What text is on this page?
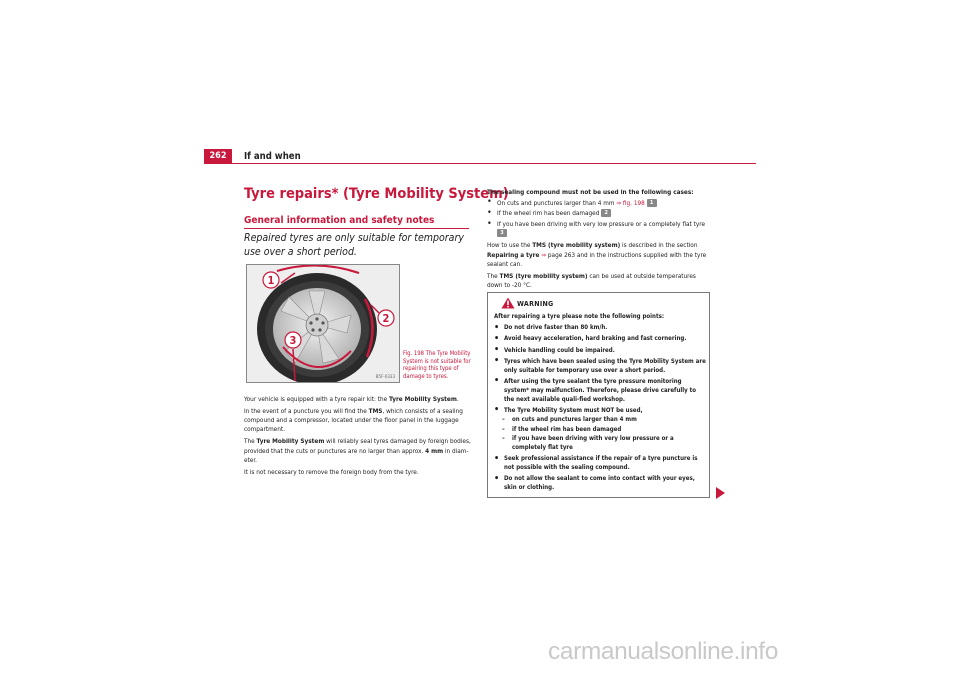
262	If and when
Tyre repairs* (Tyre Mobility System)
General information and safety notes
Repaired tyres are only suitable for temporary use over a short period.
1
2
3
B5F-0333
Fig. 198 The Tyre Mobility System is not suitable for repairing this type of damage to tyres.

Your vehicle is equipped with a tyre repair kit: the Tyre Mobility System.

In the event of a puncture you will find the TMS, which consists of a sealing compound and a compressor, located under the floor panel in the luggage compartment.

The Tyre Mobility System will reliably seal tyres damaged by foreign bodies, provided that the cuts or punctures are no larger than approx. 4 mm in diam-eter.

It is not necessary to remove the foreign body from the tyre.

The sealing compound must not be used in the following cases:

• On cuts and punctures larger than 4 mm ⇒ fig. 198 1

• If the wheel rim has been damaged 2

• If you have been driving with very low pressure or a completely flat tyre 3

How to use the TMS (tyre mobility system) is described in the section Repairing a tyre ⇒ page 263 and in the instructions supplied with the tyre sealant can.

The TMS (tyre mobility system) can be used at outside temperatures down to -20 °C.

WARNING

After repairing a tyre please note the following points:

• Do not drive faster than 80 km/h.

• Avoid heavy acceleration, hard braking and fast cornering.

• Vehicle handling could be impaired.

• Tyres which have been sealed using the Tyre Mobility System are only suitable for temporary use over a short period.

• After using the tyre sealant the tyre pressure monitoring system* may malfunction. Therefore, please drive carefully to the next available quali-fied workshop.

• The Tyre Mobility System must NOT be used,

– on cuts and punctures larger than 4 mm

– if the wheel rim has been damaged

– if you have been driving with very low pressure or a completely flat tyre

• Seek professional assistance if the repair of a tyre puncture is not possible with the sealing compound.

• Do not allow the sealant to come into contact with your eyes, skin or clothing.

carmanualsonline.info
